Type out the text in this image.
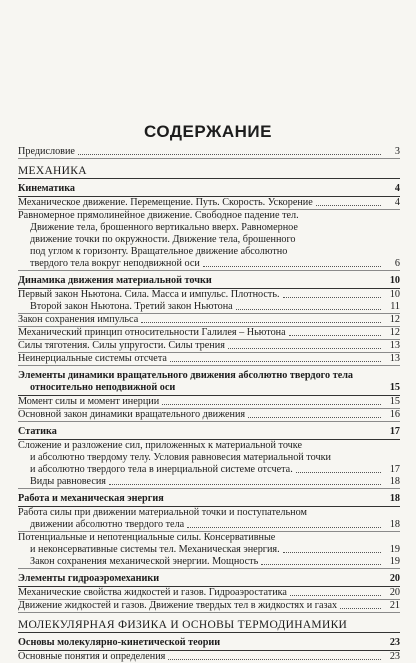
СОДЕРЖАНИЕ
Предисловие	3
МЕХАНИКА
Кинематика	4
Механическое движение. Перемещение. Путь. Скорость. Ускорение	4
Равномерное прямолинейное движение. Свободное падение тел.
Движение тела, брошенного вертикально вверх. Равномерное
движение точки по окружности. Движение тела, брошенного
под углом к горизонту. Вращательное движение абсолютно
твердого тела вокруг неподвижной оси	6
Динамика движения материальной точки	10
Первый закон Ньютона. Сила. Масса и импульс. Плотность.	10
Второй закон Ньютона. Третий закон Ньютона	11
Закон сохранения импульса	12
Механический принцип относительности Галилея – Ньютона	12
Силы тяготения. Силы упругости. Силы трения	13
Неинерциальные системы отсчета	13
Элементы динамики вращательного движения абсолютно твердого тела
относительно неподвижной оси	15
Момент силы и момент инерции	15
Основной закон динамики вращательного движения	16
Статика	17
Сложение и разложение сил, приложенных к материальной точке
и абсолютно твердому телу. Условия равновесия материальной точки
и абсолютно твердого тела в инерциальной системе отсчета.	17
Виды равновесия	18
Работа и механическая энергия	18
Работа силы при движении материальной точки и поступательном
движении абсолютно твердого тела	18
Потенциальные и непотенциальные силы. Консервативные
и неконсервативные системы тел. Механическая энергия.	19
Закон сохранения механической энергии. Мощность	19
Элементы гидроаэромеханики	20
Механические свойства жидкостей и газов. Гидроаэростатика	20
Движение жидкостей и газов. Движение твердых тел в жидкостях и газах	21
МОЛЕКУЛЯРНАЯ ФИЗИКА И ОСНОВЫ ТЕРМОДИНАМИКИ
Основы молекулярно-кинетической теории	23
Основные понятия и определения	23
